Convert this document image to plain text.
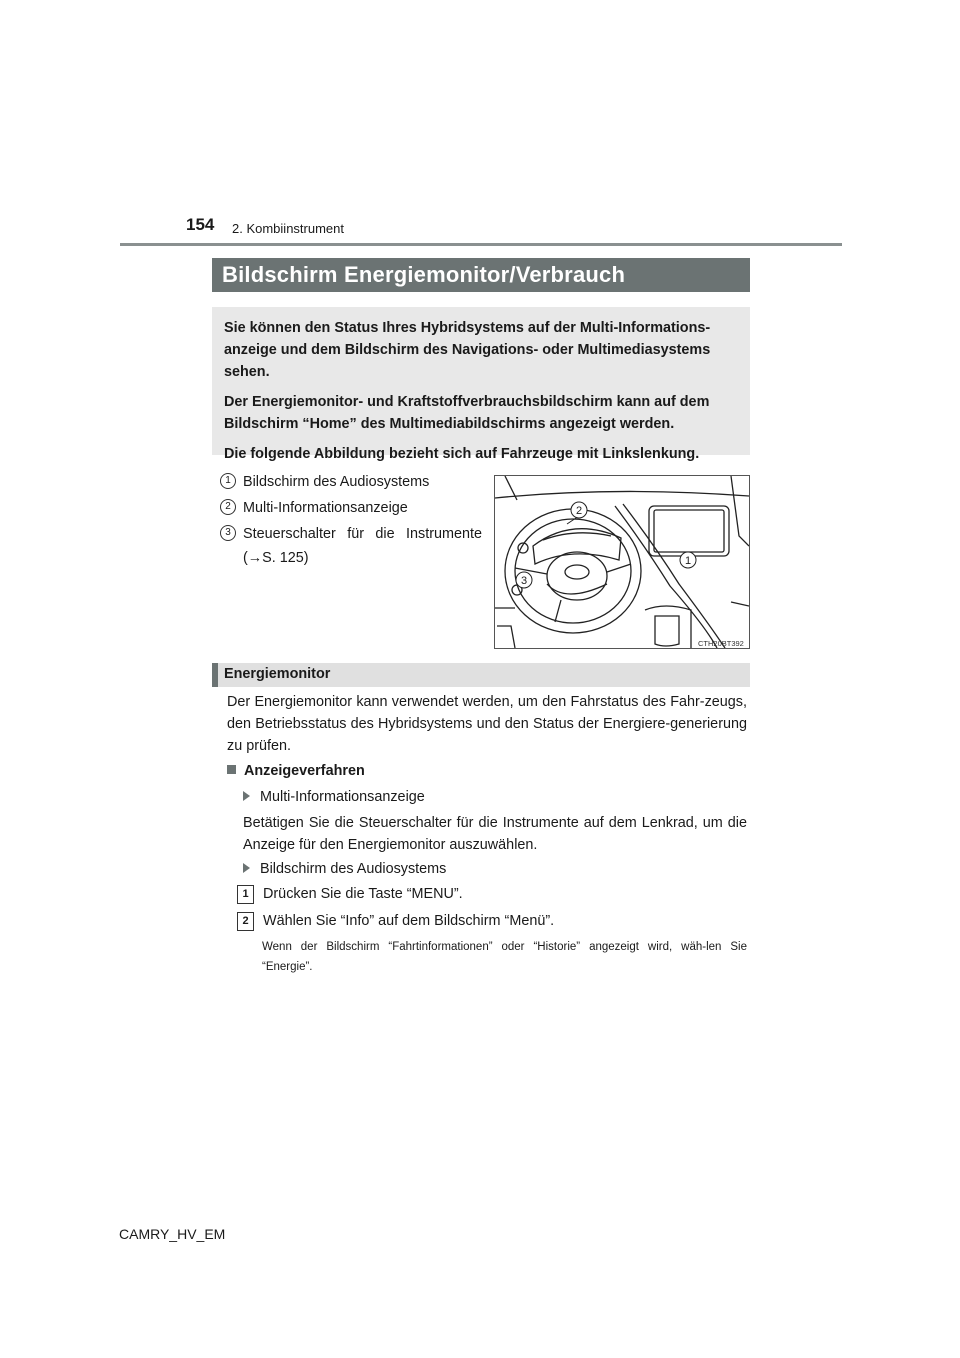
154 2. Kombiinstrument
Bildschirm Energiemonitor/Verbrauch

Sie können den Status Ihres Hybridsystems auf der Multi-Informations-anzeige und dem Bildschirm des Navigations- oder Multimediasystems sehen.

Der Energiemonitor- und Kraftstoffverbrauchsbildschirm kann auf dem Bildschirm “Home” des Multimediabildschirms angezeigt werden.

Die folgende Abbildung bezieht sich auf Fahrzeuge mit Linkslenkung.

1 Bildschirm des Audiosystems
2 Multi-Informationsanzeige
3 Steuerschalter für die Instrumente
(→S. 125)
2
1
3
CTH20BT392
Energiemonitor
Der Energiemonitor kann verwendet werden, um den Fahrstatus des Fahr-zeugs, den Betriebsstatus des Hybridsystems und den Status der Energiere-generierung zu prüfen.
Anzeigeverfahren
Multi-Informationsanzeige
Betätigen Sie die Steuerschalter für die Instrumente auf dem Lenkrad, um die Anzeige für den Energiemonitor auszuwählen.
Bildschirm des Audiosystems
1 Drücken Sie die Taste “MENU”.
2 Wählen Sie “Info” auf dem Bildschirm “Menü”.
Wenn der Bildschirm “Fahrtinformationen” oder “Historie” angezeigt wird, wäh-len Sie “Energie”.
CAMRY_HV_EM
